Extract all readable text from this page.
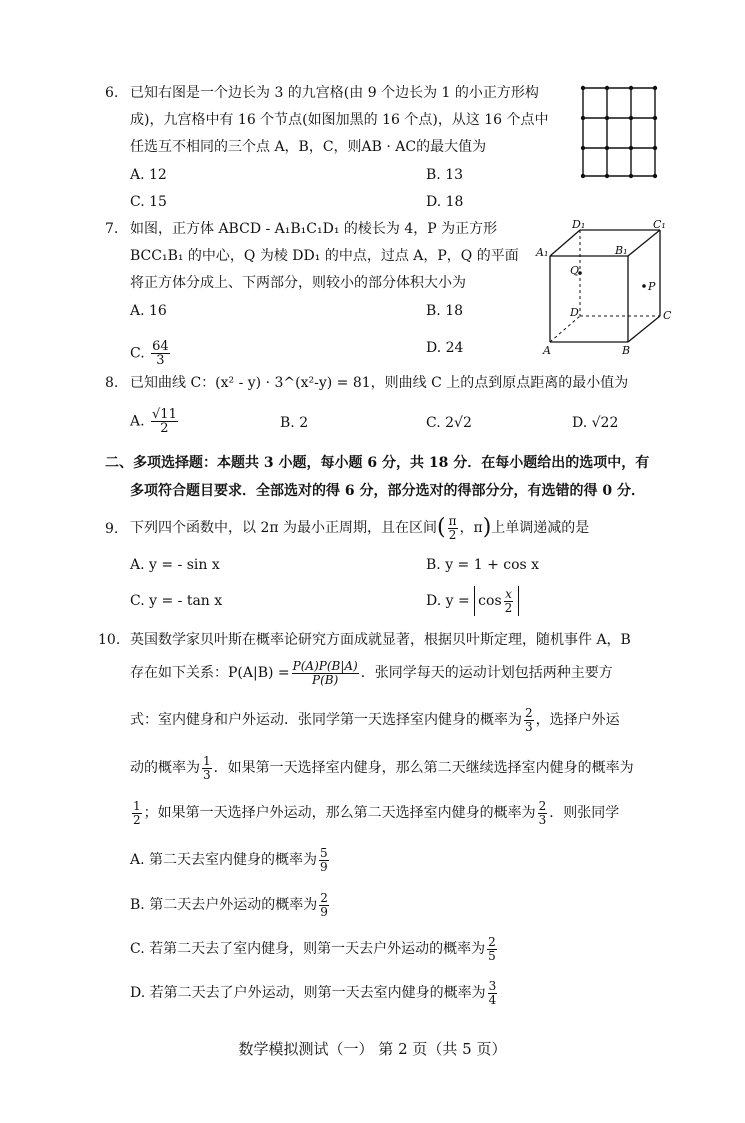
6. 已知右图是一个边长为 3 的九宫格(由 9 个边长为 1 的小正方形构
成)，九宫格中有 16 个节点(如图加黑的 16 个点)，从这 16 个点中
任选互不相同的三个点 A，B，C，则AB · AC的最大值为
A. 12	B. 13
C. 15	D. 18
7. 如图，正方体 ABCD - A₁B₁C₁D₁ 的棱长为 4，P 为正方形
BCC₁B₁ 的中心，Q 为棱 DD₁ 的中点，过点 A，P，Q 的平面
将正方体分成上、下两部分，则较小的部分体积大小为
A. 16	B. 18
C. $\frac{64}{3}$	D. 24
D₁	C₁
A₁	B₁
Q
P
D	C
A	B
8. 已知曲线 C：(x² - y) · 3^(x²-y) = 81，则曲线 C 上的点到原点距离的最小值为
A. $\frac{√11}{2}$	B. 2	C. 2√2	D. √22
二、多项选择题：本题共 3 小题，每小题 6 分，共 18 分．在每小题给出的选项中，有
多项符合题目要求．全部选对的得 6 分，部分选对的得部分分，有选错的得 0 分．
9. 下列四个函数中，以 2π 为最小正周期，且在区间( $\frac{\pi}{2}$ ，π)上单调递减的是
A. y = - sin x	B. y = 1 + cos x
C. y = - tan x	D. $y = \cos \frac{x}{2}$
10. 英国数学家贝叶斯在概率论研究方面成就显著，根据贝叶斯定理，随机事件 A，B
存在如下关系：$P(A|B) = \frac{P(A)P(B|A)}{P(B)}$ ．张同学每天的运动计划包括两种主要方
式：室内健身和户外运动．张同学第一天选择室内健身的概率为 $\frac{2}{3}$ ，选择户外运
动的概率为 $\frac{1}{3}$ ．如果第一天选择室内健身，那么第二天继续选择室内健身的概率为
$\frac{1}{2}$ ；如果第一天选择户外运动，那么第二天选择室内健身的概率为 $\frac{2}{3}$ ．则张同学
A. 第二天去室内健身的概率为 $\frac{5}{9}$
B. 第二天去户外运动的概率为 $\frac{2}{9}$
C. 若第二天去了室内健身，则第一天去户外运动的概率为 $\frac{2}{5}$
D. 若第二天去了户外运动，则第一天去室内健身的概率为 $\frac{3}{4}$
数学模拟测试（一） 第 2 页（共 5 页）
